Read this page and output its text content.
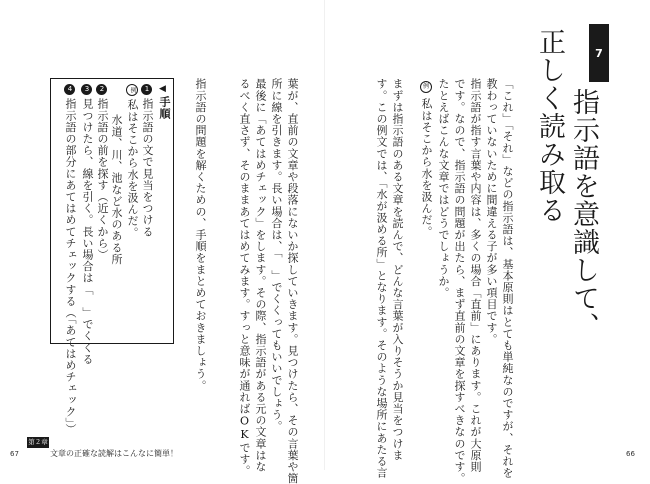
7
指示語を意識して、
正しく読み取る
「これ」「それ」などの指示語は、基本原則はとても単純なのですが、それを
教わっていないために間違える子が多い項目です。
指示語が指す言葉や内容は、多くの場合「直前」にあります。これが大原則
です。なので、指示語の問題が出たら、まず直前の文章を探すべきなのです。
たとえばこんな文章ではどうでしょうか。
例
私はそこから水を汲んだ。
まずは指示語のある文章を読んで、どんな言葉が入りそうか見当をつけま
す。この例文では、「水が汲める所」となります。そのような場所にあたる言
葉が、直前の文章や段落にないか探していきます。見つけたら、その言葉や箇
所に線を引きます。長い場合は、「　」でくくってもいいでしょう。
最後に「あてはめチェック」をします。その際、指示語がある元の文章はな
るべく直さず、そのままあてはめてみます。すっと意味が通ればOKです。
指示語の問題を解くための、手順をまとめておきましょう。
◀
手順
1指示語の文で見当をつける
例私はそこから水を汲んだ。
水道、川、池など水のある所
2指示語の前を探す（近くから）
3見つけたら、線を引く。長い場合は「　」でくくる
4指示語の部分にあてはめてチェックする（「あてはめチェック」）
第２章
文章の正確な読解はこんなに簡単！
67	66
